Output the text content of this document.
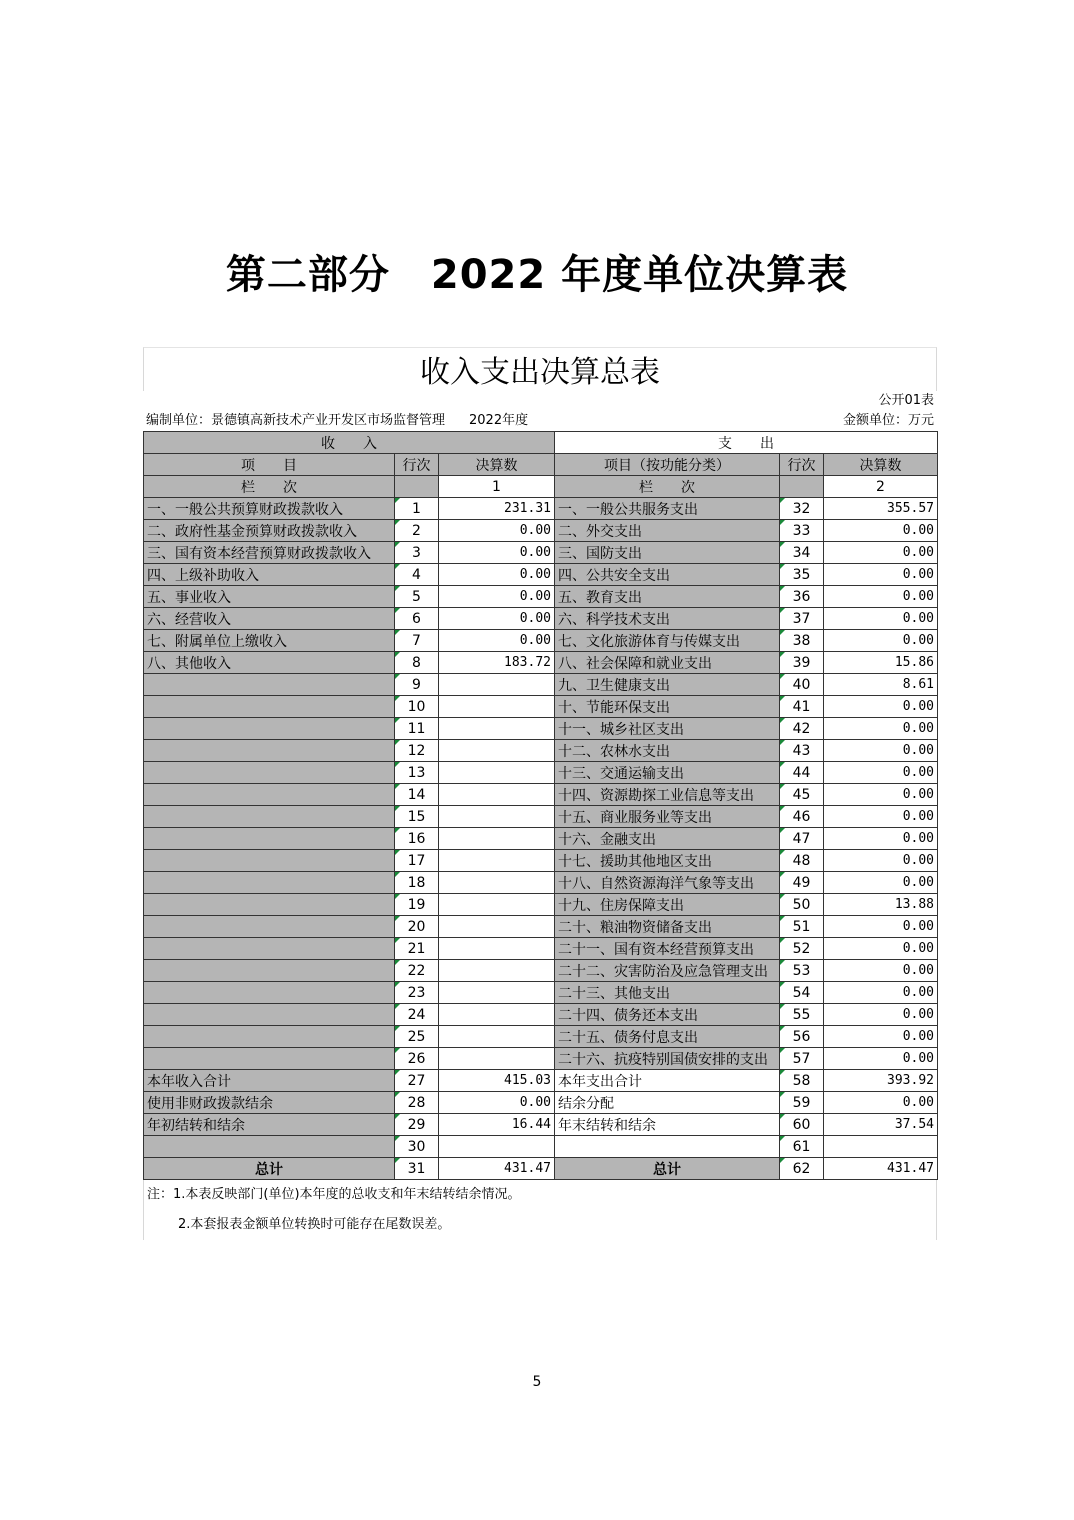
第二部分　2022 年度单位决算表
收入支出决算总表
公开01表
编制单位：景德镇高新技术产业开发区市场监督管理 2022年度	金额单位：万元
收　　入			支　　出		
项　　目	行次	决算数	项目（按功能分类）	行次	决算数
栏　　次		1	栏　　次		2
一、一般公共预算财政拨款收入	1	231.31	一、一般公共服务支出	32	355.57
二、政府性基金预算财政拨款收入	2	0.00	二、外交支出	33	0.00
三、国有资本经营预算财政拨款收入	3	0.00	三、国防支出	34	0.00
四、上级补助收入	4	0.00	四、公共安全支出	35	0.00
五、事业收入	5	0.00	五、教育支出	36	0.00
六、经营收入	6	0.00	六、科学技术支出	37	0.00
七、附属单位上缴收入	7	0.00	七、文化旅游体育与传媒支出	38	0.00
八、其他收入	8	183.72	八、社会保障和就业支出	39	15.86
	9		九、卫生健康支出	40	8.61
	10		十、节能环保支出	41	0.00
	11		十一、城乡社区支出	42	0.00
	12		十二、农林水支出	43	0.00
	13		十三、交通运输支出	44	0.00
	14		十四、资源勘探工业信息等支出	45	0.00
	15		十五、商业服务业等支出	46	0.00
	16		十六、金融支出	47	0.00
	17		十七、援助其他地区支出	48	0.00
	18		十八、自然资源海洋气象等支出	49	0.00
	19		十九、住房保障支出	50	13.88
	20		二十、粮油物资储备支出	51	0.00
	21		二十一、国有资本经营预算支出	52	0.00
	22		二十二、灾害防治及应急管理支出	53	0.00
	23		二十三、其他支出	54	0.00
	24		二十四、债务还本支出	55	0.00
	25		二十五、债务付息支出	56	0.00
	26		二十六、抗疫特别国债安排的支出	57	0.00
本年收入合计	27	415.03	本年支出合计	58	393.92
使用非财政拨款结余	28	0.00	结余分配	59	0.00
年初结转和结余	29	16.44	年末结转和结余	60	37.54
	30			61	
总计	31	431.47	总计	62	431.47
注：1.本表反映部门(单位)本年度的总收支和年末结转结余情况。
2.本套报表金额单位转换时可能存在尾数误差。
5
